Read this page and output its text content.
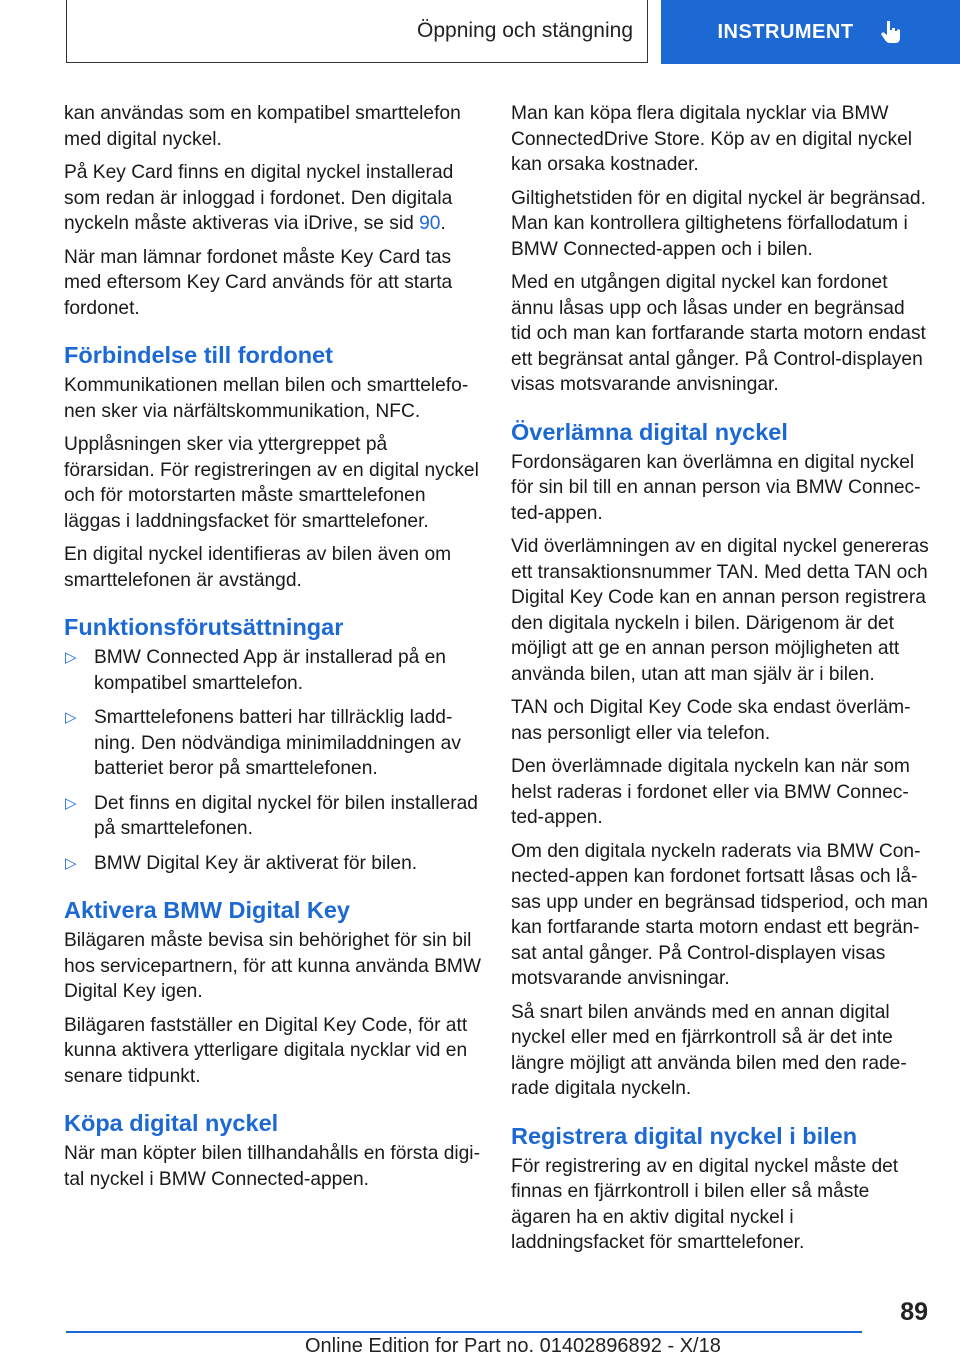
Öppning och stängning	INSTRUMENT

kan användas som en kompatibel smarttelefon med digital nyckel.

På Key Card finns en digital nyckel installerad som redan är inloggad i fordonet. Den digitala nyckeln måste aktiveras via iDrive, se sid 90.

När man lämnar fordonet måste Key Card tas med eftersom Key Card används för att starta fordonet.

Förbindelse till fordonet

Kommunikationen mellan bilen och smarttelefonen sker via närfältskommunikation, NFC.

Upplåsningen sker via yttergreppet på förarsidan. För registreringen av en digital nyckel och för motorstarten måste smarttelefonen läggas i laddningsfacket för smarttelefoner.

En digital nyckel identifieras av bilen även om smarttelefonen är avstängd.

Funktionsförutsättningar
▷ BMW Connected App är installerad på en kompatibel smarttelefon.
▷ Smarttelefonens batteri har tillräcklig laddning. Den nödvändiga minimiladdningen av batteriet beror på smarttelefonen.
▷ Det finns en digital nyckel för bilen installerad på smarttelefonen.
▷ BMW Digital Key är aktiverat för bilen.
Aktivera BMW Digital Key

Bilägaren måste bevisa sin behörighet för sin bil hos servicepartnern, för att kunna använda BMW Digital Key igen.

Bilägaren fastställer en Digital Key Code, för att kunna aktivera ytterligare digitala nycklar vid en senare tidpunkt.

Köpa digital nyckel

När man köpter bilen tillhandahålls en första digital nyckel i BMW Connected-appen.

Man kan köpa flera digitala nycklar via BMW ConnectedDrive Store. Köp av en digital nyckel kan orsaka kostnader.

Giltighetstiden för en digital nyckel är begränsad. Man kan kontrollera giltighetens förfallodatum i BMW Connected-appen och i bilen.

Med en utgången digital nyckel kan fordonet ännu låsas upp och låsas under en begränsad tid och man kan fortfarande starta motorn endast ett begränsat antal gånger. På Control-displayen visas motsvarande anvisningar.

Överlämna digital nyckel

Fordonsägaren kan överlämna en digital nyckel för sin bil till en annan person via BMW Connected-appen.

Vid överlämningen av en digital nyckel genereras ett transaktionsnummer TAN. Med detta TAN och Digital Key Code kan en annan person registrera den digitala nyckeln i bilen. Därigenom är det möjligt att ge en annan person möjligheten att använda bilen, utan att man själv är i bilen.

TAN och Digital Key Code ska endast överlämnas personligt eller via telefon.

Den överlämnade digitala nyckeln kan när som helst raderas i fordonet eller via BMW Connected-appen.

Om den digitala nyckeln raderats via BMW Connected-appen kan fordonet fortsatt låsas och låsas upp under en begränsad tidsperiod, och man kan fortfarande starta motorn endast ett begränsat antal gånger. På Control-displayen visas motsvarande anvisningar.

Så snart bilen används med en annan digital nyckel eller med en fjärrkontroll så är det inte längre möjligt att använda bilen med den raderade digitala nyckeln.

Registrera digital nyckel i bilen

För registrering av en digital nyckel måste det finnas en fjärrkontroll i bilen eller så måste ägaren ha en aktiv digital nyckel i laddningsfacket för smarttelefoner.

89
Online Edition for Part no. 01402896892 - X/18
